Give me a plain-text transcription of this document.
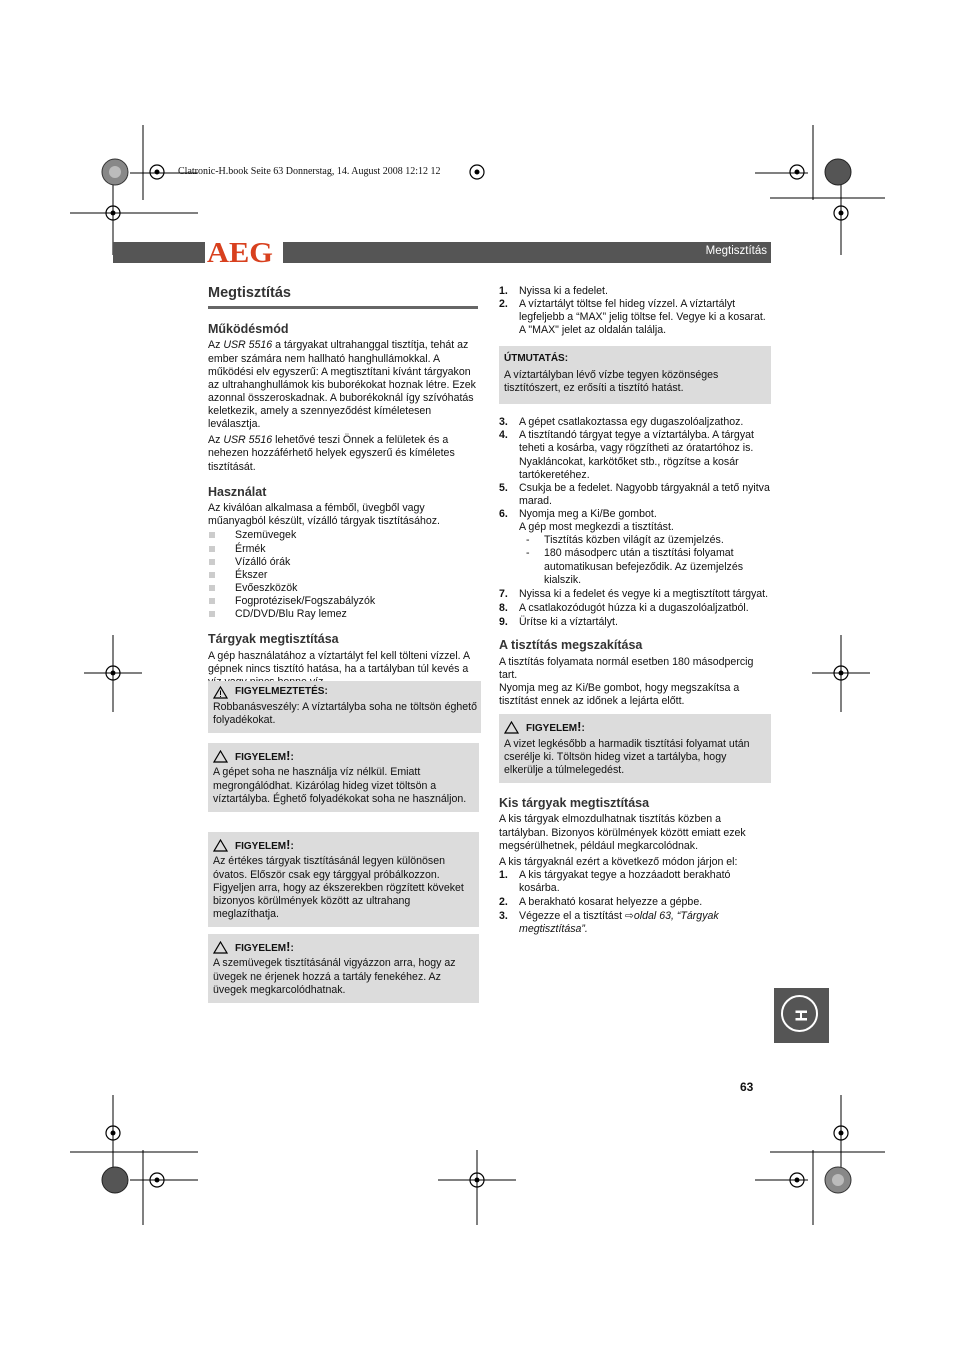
Clatronic-H.book Seite 63 Donnerstag, 14. August 2008 12:12 12
AEG	Megtisztítás
Megtisztítás
Működésmód

Az USR 5516 a tárgyakat ultrahanggal tisztítja, tehát az ember számára nem hallható hanghullámokkal. A működési elv egyszerű: A megtisztítani kívánt tárgyakon az ultrahanghullámok kis buborékokat hoznak létre. Ezek azonnal összeroskadnak. A buborékoknál így szívóhatás keletkezik, amely a szennyeződést kíméletesen leválasztja.

Az USR 5516 lehetővé teszi Önnek a felületek és a nehezen hozzáférhető helyek egyszerű és kíméletes tisztítását.

Használat

Az kiválóan alkalmasa a fémből, üvegből vagy műanyagból készült, vízálló tárgyak tisztításához.

Szemüvegek
Érmék
Vízálló órák
Ékszer
Evőeszközök
Fogprotézisek/Fogszabályzók
CD/DVD/Blu Ray lemez
Tárgyak megtisztítása

A gép használatához a víztartályt fel kell tölteni vízzel. A gépnek nincs tisztító hatása, ha a tartályban túl kevés a

FIGYELMEZTETÉS:

Robbanásveszély: A víztartályba soha ne töltsön éghető folyadékokat.

FIGYELEM!:

A gépet soha ne használja víz nélkül. Emiatt megrongálódhat. Kizárólag hideg vizet töltsön a víztartályba. Éghető folyadékokat soha ne használjon.

FIGYELEM!:

Az értékes tárgyak tisztításánál legyen különösen óvatos. Először csak egy tárggyal próbálkozzon. Figyeljen arra, hogy az ékszerekben rögzített köveket bizonyos körülmények között az ultrahang meglazíthatja.

FIGYELEM!:

A szemüvegek tisztításánál vigyázzon arra, hogy az üvegek ne érjenek hozzá a tartály fenekéhez. Az üvegek megkarcolódhatnak.

1. Nyissa ki a fedelet.
2. A víztartályt töltse fel hideg vízzel. A víztartályt legfeljebb a “MAX” jelig töltse fel. Vegye ki a kosarat. A "MAX" jelet az oldalán találja.
ÚTMUTATÁS:

A víztartályban lévő vízbe tegyen közönséges tisztítószert, ez erősíti a tisztító hatást.

3. A gépet csatlakoztassa egy dugaszolóaljzathoz.
4. A tisztítandó tárgyat tegye a víztartályba. A tárgyat teheti a kosárba, vagy rögzítheti az óratartóhoz is. Nyakláncokat, karkötőket stb., rögzítse a kosár tartókeretéhez.
5. Csukja be a fedelet. Nagyobb tárgyaknál a tető nyitva marad.
6. Nyomja meg a Ki/Be gombot.

A gép most megkezdi a tisztítást.

- Tisztítás közben világít az üzemjelzés.
- 180 másodperc után a tisztítási folyamat automatikusan befejeződik. Az üzemjelzés kialszik.
7. Nyissa ki a fedelet és vegye ki a megtisztított tárgyat.
8. A csatlakozódugót húzza ki a dugaszolóaljzatból.
9. Ürítse ki a víztartályt.
A tisztítás megszakítása

A tisztítás folyamata normál esetben 180 másodpercig tart.

Nyomja meg az Ki/Be gombot, hogy megszakítsa a tisztítást ennek az időnek a lejárta előtt.

FIGYELEM!:

A vizet legkésőbb a harmadik tisztítási folyamat után cserélje ki. Töltsön hideg vizet a tartályba, hogy elkerülje a túlmelegedést.

Kis tárgyak megtisztítása

A kis tárgyak elmozdulhatnak tisztítás közben a tartályban. Bizonyos körülmények között emiatt ezek megsérülhetnek, például megkarcolódnak.

A kis tárgyaknál ezért a következő módon járjon el:

1. A kis tárgyakat tegye a hozzáadott berakható kosárba.
2. A berakható kosarat helyezze a gépbe.
3. Végezze el a tisztítást ⇨oldal 63, “Tárgyak megtisztítása”.
H
63
